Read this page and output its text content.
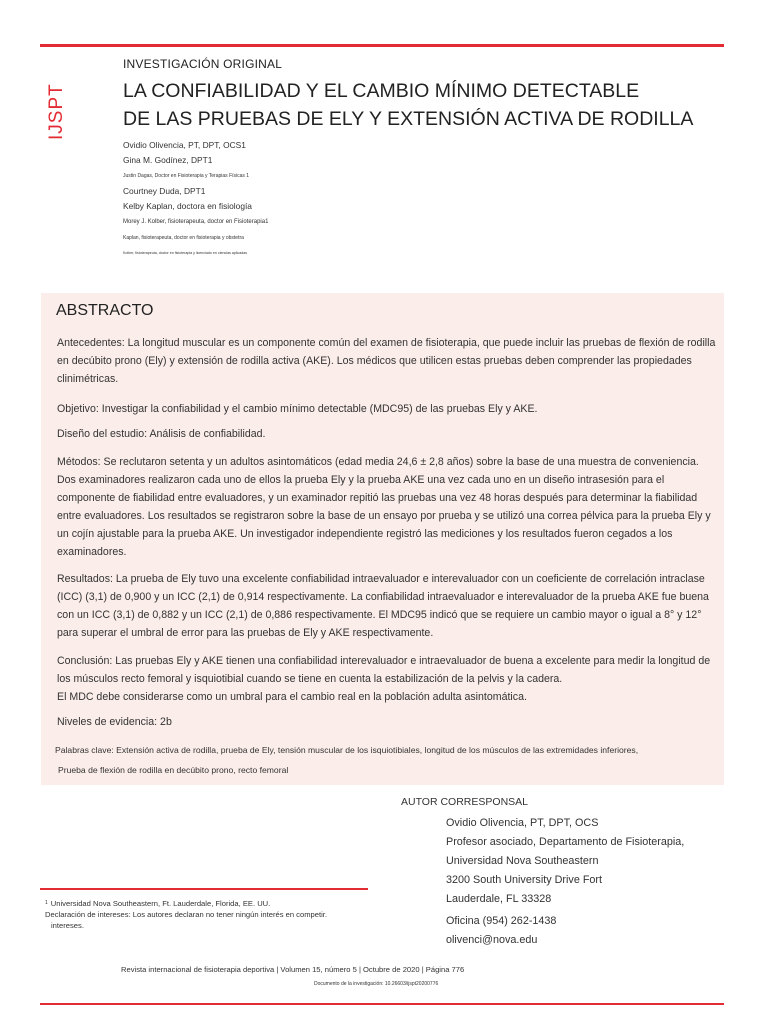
IJSPT
INVESTIGACIÓN ORIGINAL
LA CONFIABILIDAD Y EL CAMBIO MÍNIMO DETECTABLE
DE LAS PRUEBAS DE ELY Y EXTENSIÓN ACTIVA DE RODILLA
Ovidio Olivencia, PT, DPT, OCS1
Gina M. Godínez, DPT1
Justin Dagas, Doctor en Fisioterapia y Terapias Físicas 1
Courtney Duda, DPT1
Kelby Kaplan, doctora en fisiología
Morey J. Kolber, fisioterapeuta, doctor en Fisioterapia1
Kaplan, fisioterapeuta, doctor en fisioterapia y obstetra
Kolber, fisioterapeuta, doctor en fisioterapia y licenciado en ciencias aplicadas
ABSTRACTO
Antecedentes: La longitud muscular es un componente común del examen de fisioterapia, que puede incluir las pruebas de flexión de rodilla en decúbito prono (Ely) y extensión de rodilla activa (AKE). Los médicos que utilicen estas pruebas deben comprender las propiedades clinimétricas.
Objetivo: Investigar la confiabilidad y el cambio mínimo detectable (MDC95) de las pruebas Ely y AKE.
Diseño del estudio: Análisis de confiabilidad.
Métodos: Se reclutaron setenta y un adultos asintomáticos (edad media 24,6 ± 2,8 años) sobre la base de una muestra de conveniencia. Dos examinadores realizaron cada uno de ellos la prueba Ely y la prueba AKE una vez cada uno en un diseño intrasesión para el componente de fiabilidad entre evaluadores, y un examinador repitió las pruebas una vez 48 horas después para determinar la fiabilidad entre evaluadores. Los resultados se registraron sobre la base de un ensayo por prueba y se utilizó una correa pélvica para la prueba Ely y un cojín ajustable para la prueba AKE. Un investigador independiente registró las mediciones y los resultados fueron cegados a los examinadores.
Resultados: La prueba de Ely tuvo una excelente confiabilidad intraevaluador e interevaluador con un coeficiente de correlación intraclase (ICC) (3,1) de 0,900 y un ICC (2,1) de 0,914 respectivamente. La confiabilidad intraevaluador e interevaluador de la prueba AKE fue buena con un ICC (3,1) de 0,882 y un ICC (2,1) de 0,886 respectivamente. El MDC95 indicó que se requiere un cambio mayor o igual a 8° y 12° para superar el umbral de error para las pruebas de Ely y AKE respectivamente.
Conclusión: Las pruebas Ely y AKE tienen una confiabilidad interevaluador e intraevaluador de buena a excelente para medir la longitud de los músculos recto femoral y isquiotibial cuando se tiene en cuenta la estabilización de la pelvis y la cadera.
El MDC debe considerarse como un umbral para el cambio real en la población adulta asintomática.
Niveles de evidencia: 2b
Palabras clave: Extensión activa de rodilla, prueba de Ely, tensión muscular de los isquiotibiales, longitud de los músculos de las extremidades inferiores,
Prueba de flexión de rodilla en decúbito prono, recto femoral
AUTOR CORRESPONSAL
Ovidio Olivencia, PT, DPT, OCS
Profesor asociado, Departamento de Fisioterapia,
Universidad Nova Southeastern
3200 South University Drive Fort
Lauderdale, FL 33328
Oficina (954) 262-1438
olivenci@nova.edu
$^1$ Universidad Nova Southeastern, Ft. Lauderdale, Florida, EE. UU.
Declaración de intereses: Los autores declaran no tener ningún interés en competir.
intereses.
Revista internacional de fisioterapia deportiva | Volumen 15, número 5 | Octubre de 2020 | Página 776
Documento de la investigación: 10.26603/ijspt20200776
